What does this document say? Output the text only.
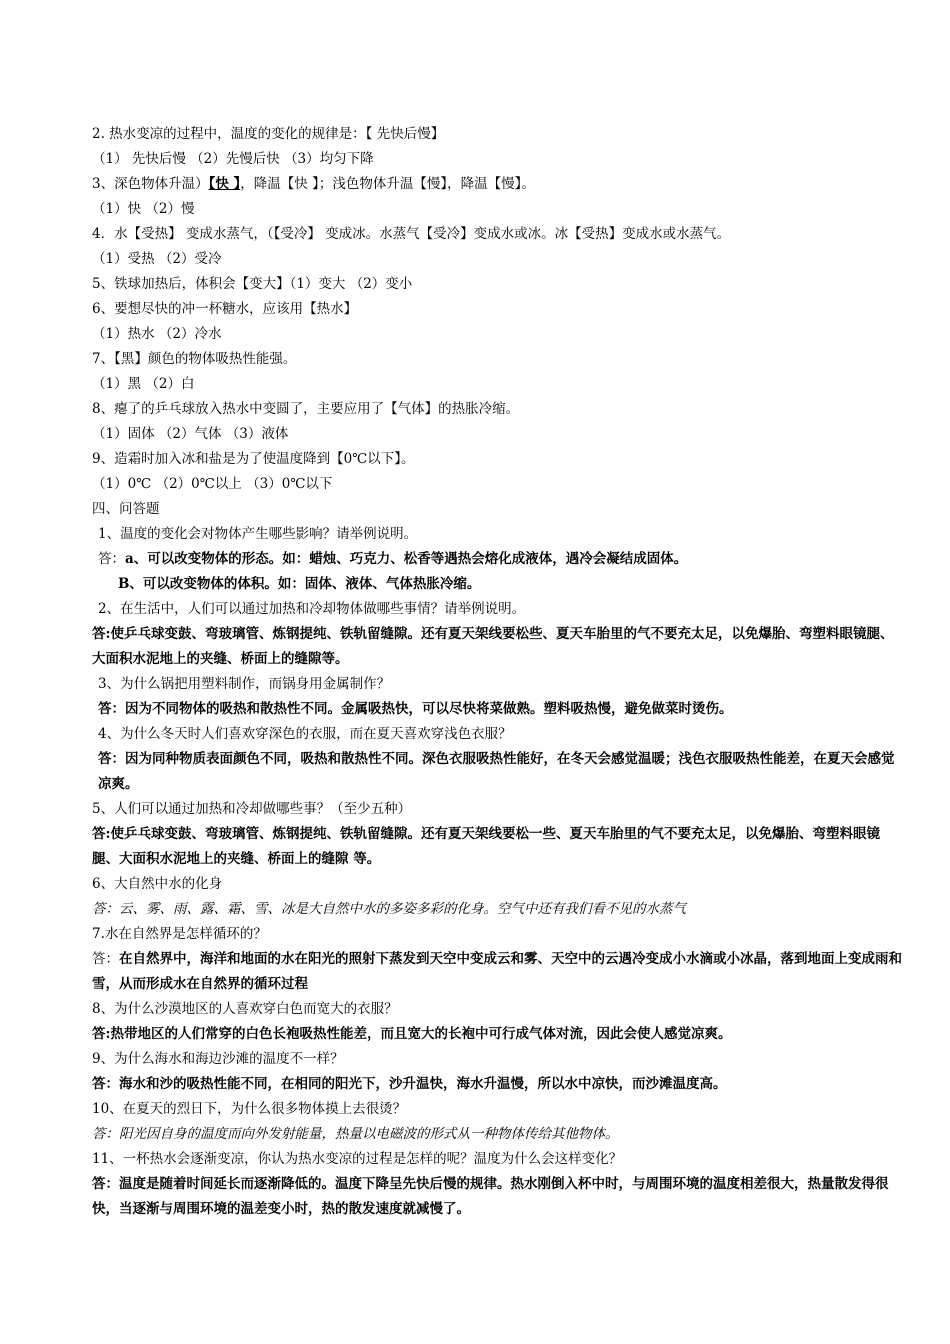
2. 热水变凉的过程中，温度的变化的规律是：【 先快后慢】
（1） 先快后慢 （2）先慢后快 （3）均匀下降
3、深色物体升温）【快 】，降温【快 】；浅色物体升温【慢】，降温【慢】。
（1）快 （2）慢
4．水【受热】 变成水蒸气，（【受冷】 变成冰。水蒸气【受冷】变成水或冰。冰【受热】变成水或水蒸气。
（1）受热 （2）受冷
5、铁球加热后，体积会【变大】（1）变大 （2）变小
6、要想尽快的冲一杯糖水，应该用【热水】
（1）热水 （2）冷水
7、【黑】颜色的物体吸热性能强。
（1）黑 （2）白
8、瘪了的乒乓球放入热水中变圆了，主要应用了【气体】的热胀冷缩。
（1）固体 （2）气体 （3）液体
9、造霜时加入冰和盐是为了使温度降到【0℃以下】。
（1）0℃ （2）0℃以上 （3）0℃以下
四、问答题
1、温度的变化会对物体产生哪些影响？请举例说明。
答：a、可以改变物体的形态。如：蜡烛、巧克力、松香等遇热会熔化成液体，遇冷会凝结成固体。
B、可以改变物体的体积。如：固体、液体、气体热胀冷缩。
2、在生活中，人们可以通过加热和冷却物体做哪些事情？请举例说明。
答:使乒乓球变鼓、弯玻璃管、炼钢提纯、铁轨留缝隙。还有夏天架线要松些、夏天车胎里的气不要充太足，以免爆胎、弯塑料眼镜腿、大面积水泥地上的夹缝、桥面上的缝隙等。
3、为什么锅把用塑料制作，而锅身用金属制作？
答：因为不同物体的吸热和散热性不同。金属吸热快，可以尽快将菜做熟。塑料吸热慢，避免做菜时烫伤。
4、为什么冬天时人们喜欢穿深色的衣服，而在夏天喜欢穿浅色衣服？
答：因为同种物质表面颜色不同，吸热和散热性不同。深色衣服吸热性能好，在冬天会感觉温暖；浅色衣服吸热性能差，在夏天会感觉凉爽。
5、人们可以通过加热和冷却做哪些事？（至少五种）
答:使乒乓球变鼓、弯玻璃管、炼钢提纯、铁轨留缝隙。还有夏天架线要松一些、夏天车胎里的气不要充太足，以免爆胎、弯塑料眼镜腿、大面积水泥地上的夹缝、桥面上的缝隙 等。
6、大自然中水的化身
答：云、雾、雨、露、霜、雪、冰是大自然中水的多姿多彩的化身。空气中还有我们看不见的水蒸气
7.水在自然界是怎样循环的？
答：在自然界中，海洋和地面的水在阳光的照射下蒸发到天空中变成云和雾、天空中的云遇冷变成小水滴或小冰晶，落到地面上变成雨和雪，从而形成水在自然界的循环过程
8、为什么沙漠地区的人喜欢穿白色而宽大的衣服？
答:热带地区的人们常穿的白色长袍吸热性能差，而且宽大的长袍中可行成气体对流，因此会使人感觉凉爽。
9、为什么海水和海边沙滩的温度不一样？
答：海水和沙的吸热性能不同，在相同的阳光下，沙升温快，海水升温慢，所以水中凉快，而沙滩温度高。
10、在夏天的烈日下，为什么很多物体摸上去很烫？
答：阳光因自身的温度而向外发射能量，热量以电磁波的形式从一种物体传给其他物体。
11、一杯热水会逐渐变凉，你认为热水变凉的过程是怎样的呢？温度为什么会这样变化？
答：温度是随着时间延长而逐渐降低的。温度下降呈先快后慢的规律。热水刚倒入杯中时，与周围环境的温度相差很大，热量散发得很快，当逐渐与周围环境的温差变小时，热的散发速度就减慢了。
